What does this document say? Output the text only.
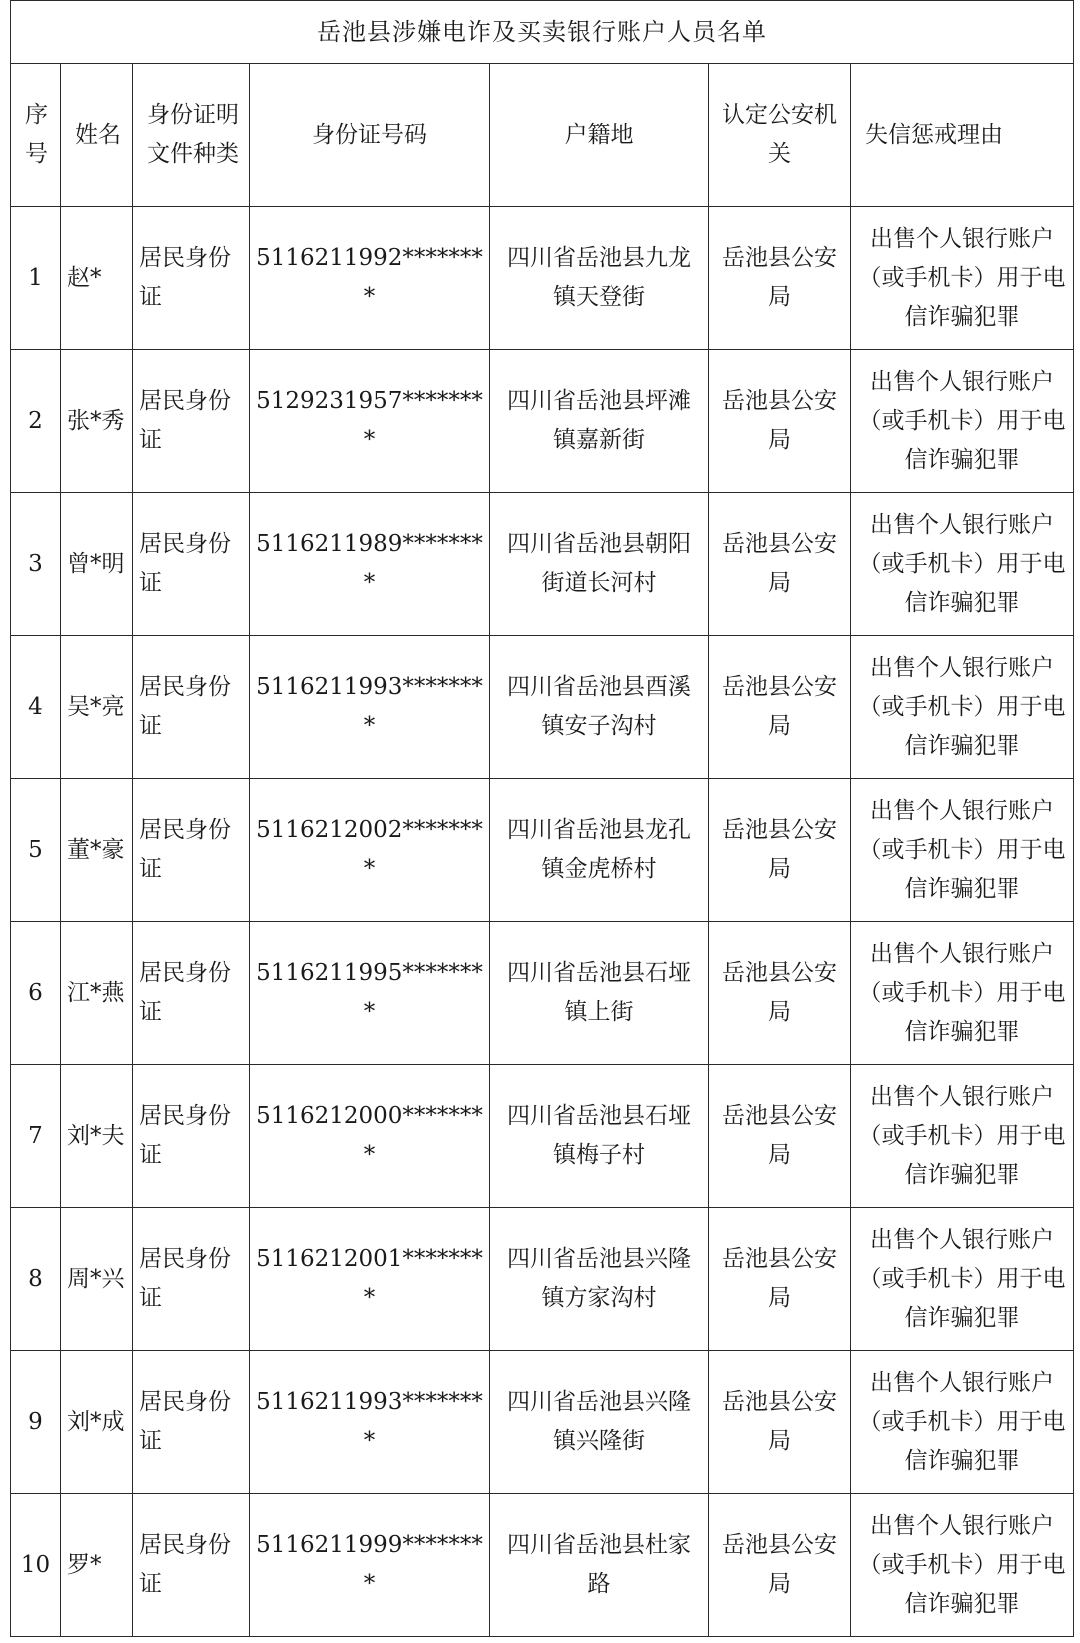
岳池县涉嫌电诈及买卖银行账户人员名单						
序号	姓名	身份证明文件种类	身份证号码	户籍地	认定公安机关	失信惩戒理由
1	赵*	居民身份证	5116211992********	四川省岳池县九龙镇天登街	岳池县公安局	出售个人银行账户（或手机卡）用于电信诈骗犯罪
2	张*秀	居民身份证	5129231957********	四川省岳池县坪滩镇嘉新街	岳池县公安局	出售个人银行账户（或手机卡）用于电信诈骗犯罪
3	曾*明	居民身份证	5116211989********	四川省岳池县朝阳街道长河村	岳池县公安局	出售个人银行账户（或手机卡）用于电信诈骗犯罪
4	吴*亮	居民身份证	5116211993********	四川省岳池县酉溪镇安子沟村	岳池县公安局	出售个人银行账户（或手机卡）用于电信诈骗犯罪
5	董*豪	居民身份证	5116212002********	四川省岳池县龙孔镇金虎桥村	岳池县公安局	出售个人银行账户（或手机卡）用于电信诈骗犯罪
6	江*燕	居民身份证	5116211995********	四川省岳池县石垭镇上街	岳池县公安局	出售个人银行账户（或手机卡）用于电信诈骗犯罪
7	刘*夫	居民身份证	5116212000********	四川省岳池县石垭镇梅子村	岳池县公安局	出售个人银行账户（或手机卡）用于电信诈骗犯罪
8	周*兴	居民身份证	5116212001********	四川省岳池县兴隆镇方家沟村	岳池县公安局	出售个人银行账户（或手机卡）用于电信诈骗犯罪
9	刘*成	居民身份证	5116211993********	四川省岳池县兴隆镇兴隆街	岳池县公安局	出售个人银行账户（或手机卡）用于电信诈骗犯罪
10	罗*	居民身份证	5116211999********	四川省岳池县杜家路	岳池县公安局	出售个人银行账户（或手机卡）用于电信诈骗犯罪
